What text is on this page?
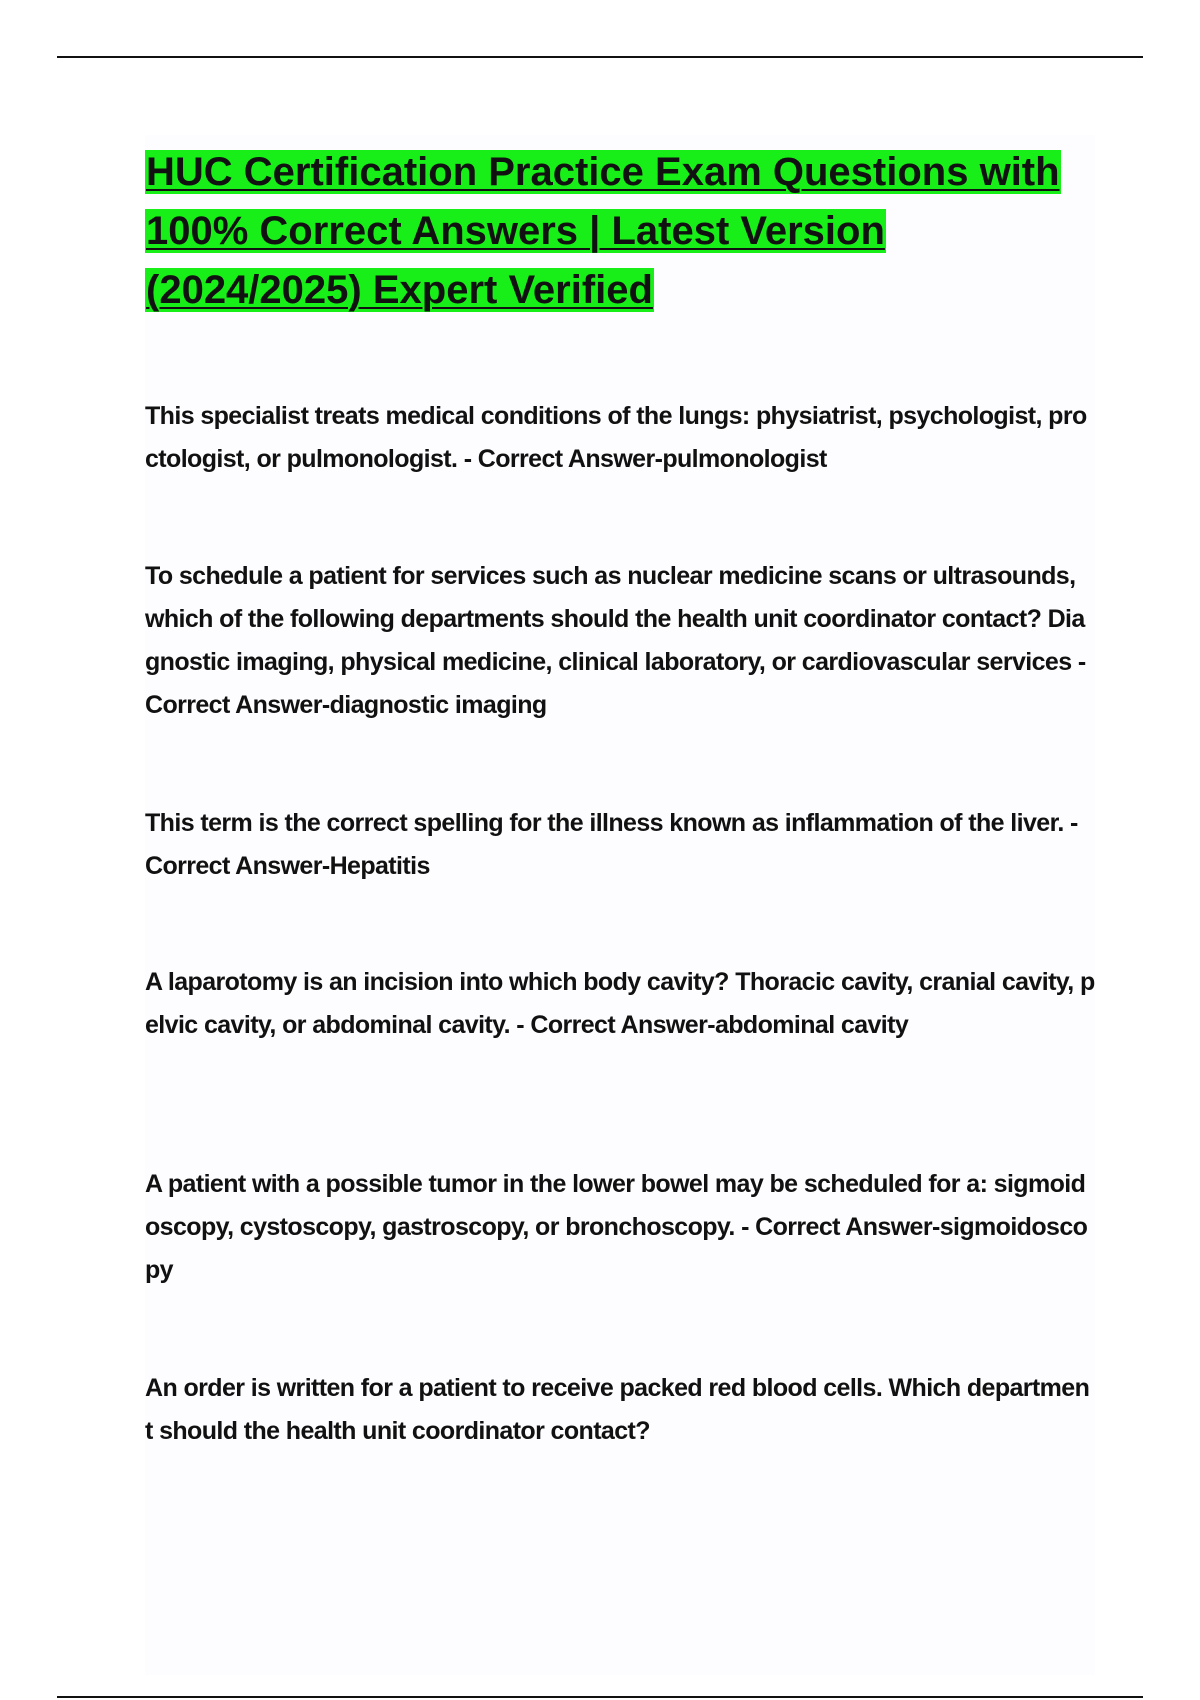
HUC Certification Practice Exam Questions with 100% Correct Answers | Latest Version (2024/2025) Expert Verified

This specialist treats medical conditions of the lungs: physiatrist, psychologist, proctologist, or pulmonologist. - Correct Answer-pulmonologist

To schedule a patient for services such as nuclear medicine scans or ultrasounds, which of the following departments should the health unit coordinator contact? Diagnostic imaging, physical medicine, clinical laboratory, or cardiovascular services - Correct Answer-diagnostic imaging

This term is the correct spelling for the illness known as inflammation of the liver. - Correct Answer-Hepatitis

A laparotomy is an incision into which body cavity? Thoracic cavity, cranial cavity, pelvic cavity, or abdominal cavity. - Correct Answer-abdominal cavity

A patient with a possible tumor in the lower bowel may be scheduled for a: sigmoidoscopy, cystoscopy, gastroscopy, or bronchoscopy. - Correct Answer-sigmoidoscopy

An order is written for a patient to receive packed red blood cells. Which department should the health unit coordinator contact?
